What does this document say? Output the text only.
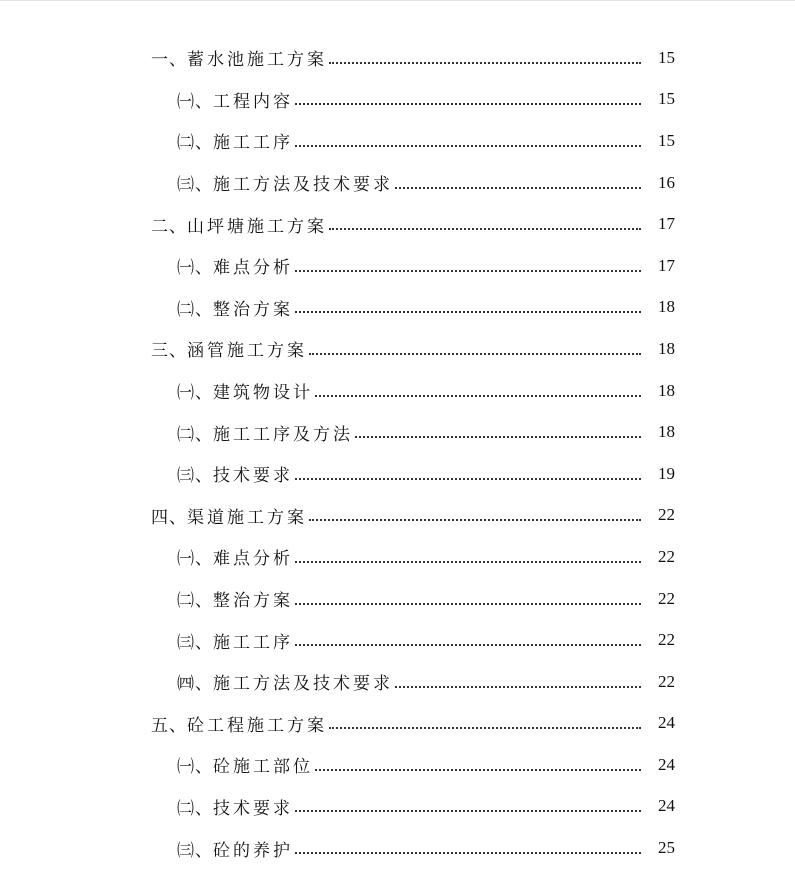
一、 蓄水池施工方案	15
㈠、 工程内容	15
㈡、 施工工序	15
㈢、 施工方法及技术要求	16
二、 山坪塘施工方案	17
㈠、 难点分析	17
㈡、 整治方案	18
三、 涵管施工方案	18
㈠、 建筑物设计	18
㈡、 施工工序及方法	18
㈢、 技术要求	19
四、 渠道施工方案	22
㈠、 难点分析	22
㈡、 整治方案	22
㈢、 施工工序	22
㈣、 施工方法及技术要求	22
五、 砼工程施工方案	24
㈠、 砼施工部位	24
㈡、 技术要求	24
㈢、 砼的养护	25
